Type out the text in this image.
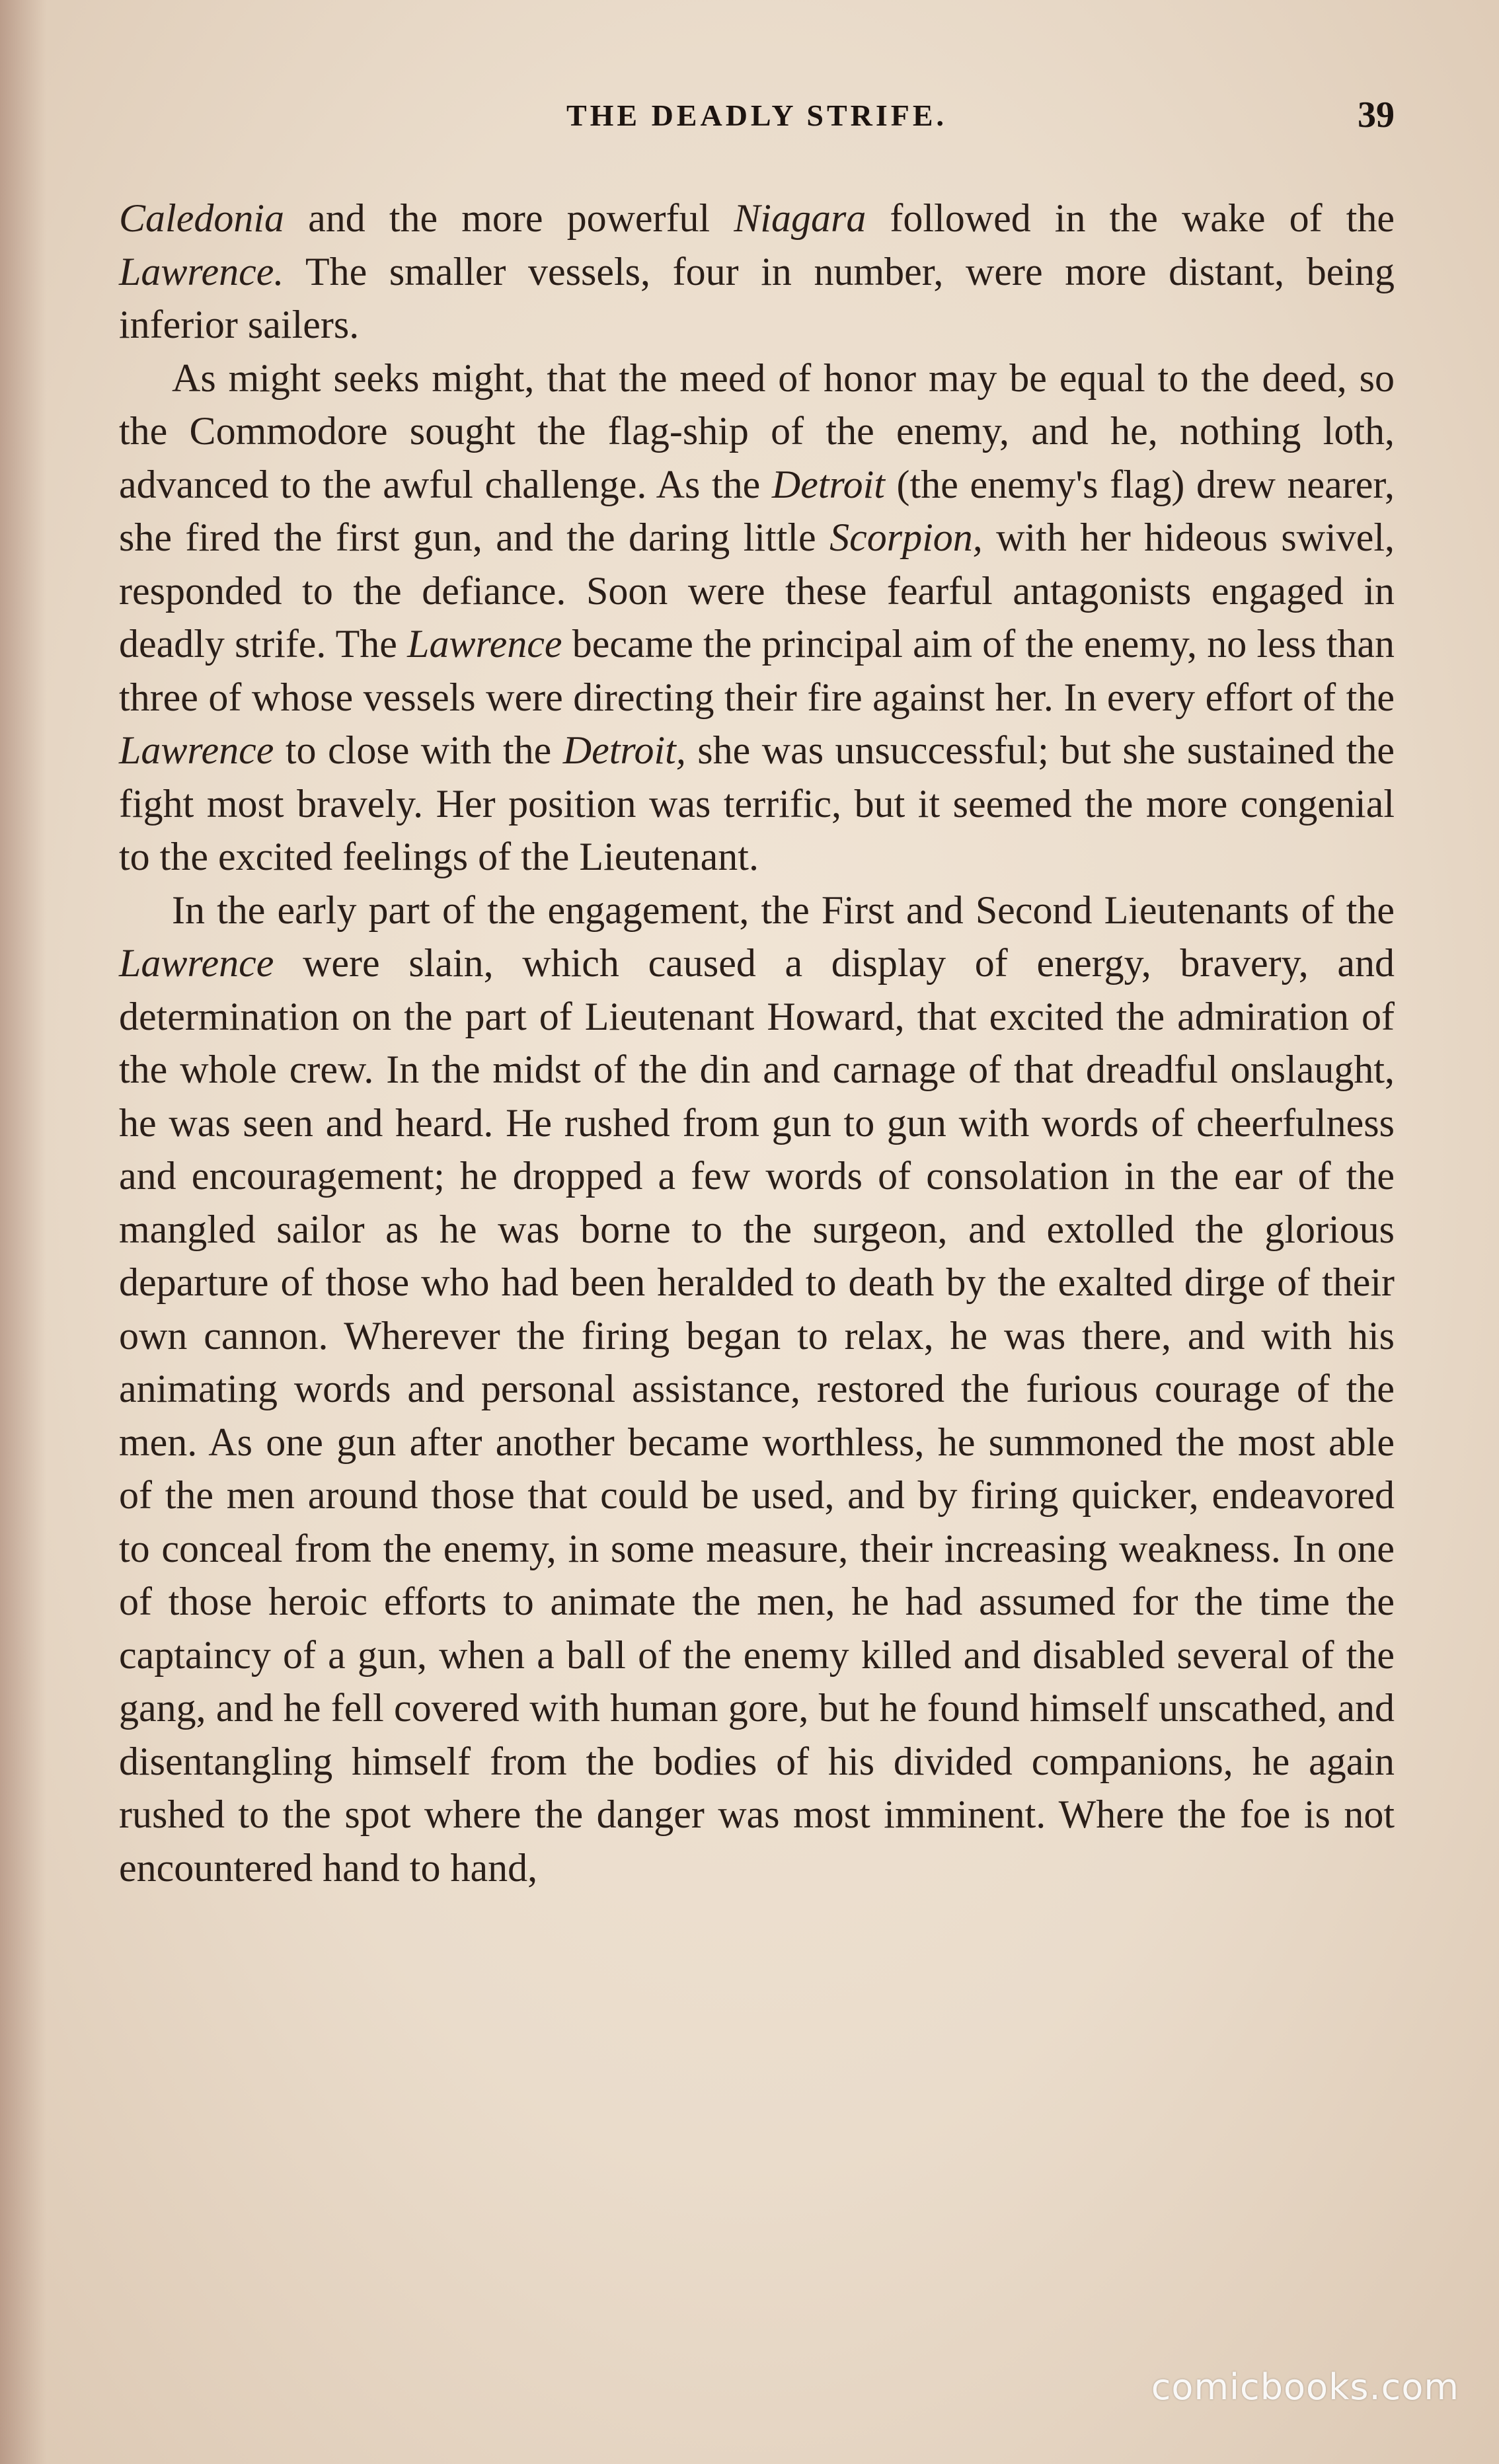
THE DEADLY STRIFE.	39

Caledonia and the more powerful Niagara followed in the wake of the Lawrence. The smaller vessels, four in number, were more distant, being inferior sailers.

As might seeks might, that the meed of honor may be equal to the deed, so the Commodore sought the flag-ship of the enemy, and he, nothing loth, advanced to the awful challenge. As the Detroit (the enemy's flag) drew nearer, she fired the first gun, and the daring little Scorpion, with her hideous swivel, responded to the defiance. Soon were these fearful antagonists engaged in deadly strife. The Lawrence became the principal aim of the enemy, no less than three of whose vessels were directing their fire against her. In every effort of the Lawrence to close with the Detroit, she was unsuccessful; but she sustained the fight most bravely. Her position was terrific, but it seemed the more congenial to the excited feelings of the Lieutenant.

In the early part of the engagement, the First and Second Lieutenants of the Lawrence were slain, which caused a display of energy, bravery, and determination on the part of Lieutenant Howard, that excited the admiration of the whole crew. In the midst of the din and carnage of that dreadful onslaught, he was seen and heard. He rushed from gun to gun with words of cheerfulness and encouragement; he dropped a few words of consolation in the ear of the mangled sailor as he was borne to the surgeon, and extolled the glorious departure of those who had been heralded to death by the exalted dirge of their own cannon. Wherever the firing began to relax, he was there, and with his animating words and personal assistance, restored the furious courage of the men. As one gun after another became worthless, he summoned the most able of the men around those that could be used, and by firing quicker, endeavored to conceal from the enemy, in some measure, their increasing weakness. In one of those heroic efforts to animate the men, he had assumed for the time the captaincy of a gun, when a ball of the enemy killed and disabled several of the gang, and he fell covered with human gore, but he found himself unscathed, and disentangling himself from the bodies of his divided companions, he again rushed to the spot where the danger was most imminent. Where the foe is not encountered hand to hand,

comicbooks.com
